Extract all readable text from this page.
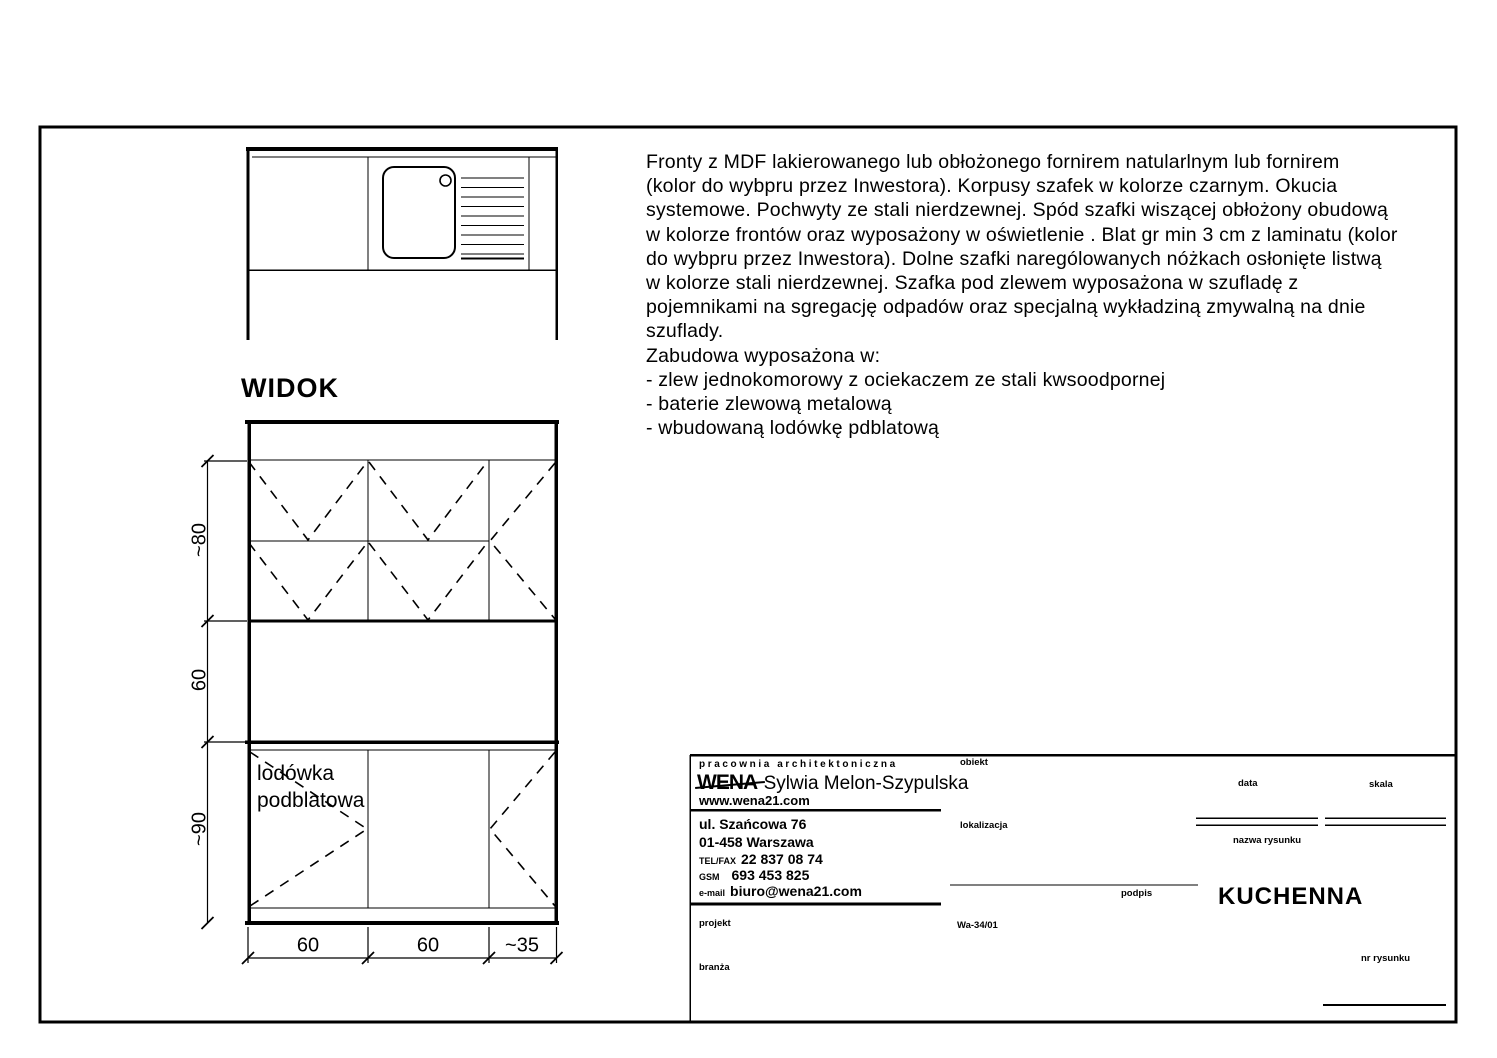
Fronty z MDF lakierowanego lub obłożonego fornirem natularlnym lub fornirem
(kolor do wybpru przez Inwestora). Korpusy szafek w kolorze czarnym. Okucia
systemowe. Pochwyty ze stali nierdzewnej. Spód szafki wiszącej obłożony obudową
w kolorze frontów oraz wyposażony w oświetlenie . Blat gr min 3 cm z laminatu (kolor
do wybpru przez Inwestora). Dolne szafki narególowanych nóżkach osłonięte listwą
w kolorze stali nierdzewnej. Szafka pod zlewem wyposażona w szufladę z
pojemnikami na sgregację odpadów oraz specjalną wykładziną zmywalną na dnie
szuflady.
Zabudowa wyposażona w:
- zlew jednokomorowy z ociekaczem ze stali kwsoodpornej
- baterie zlewową metalową
- wbudowaną lodówkę pdblatową
WIDOK
lodówka
podblatowa
~80
60
~90
60	60	~35
pracownia architektoniczna
WENA Sylwia Melon-Szypulska
www.wena21.com
ul. Szańcowa 76
01-458 Warszawa
TEL/FAX 22 837 08 74
GSM 693 453 825
e-mail biuro@wena21.com
obiekt
data	skala
lokalizacja
nazwa rysunku
podpis
projekt
branża
nr rysunku
KUCHENNA
Wa-34/01
